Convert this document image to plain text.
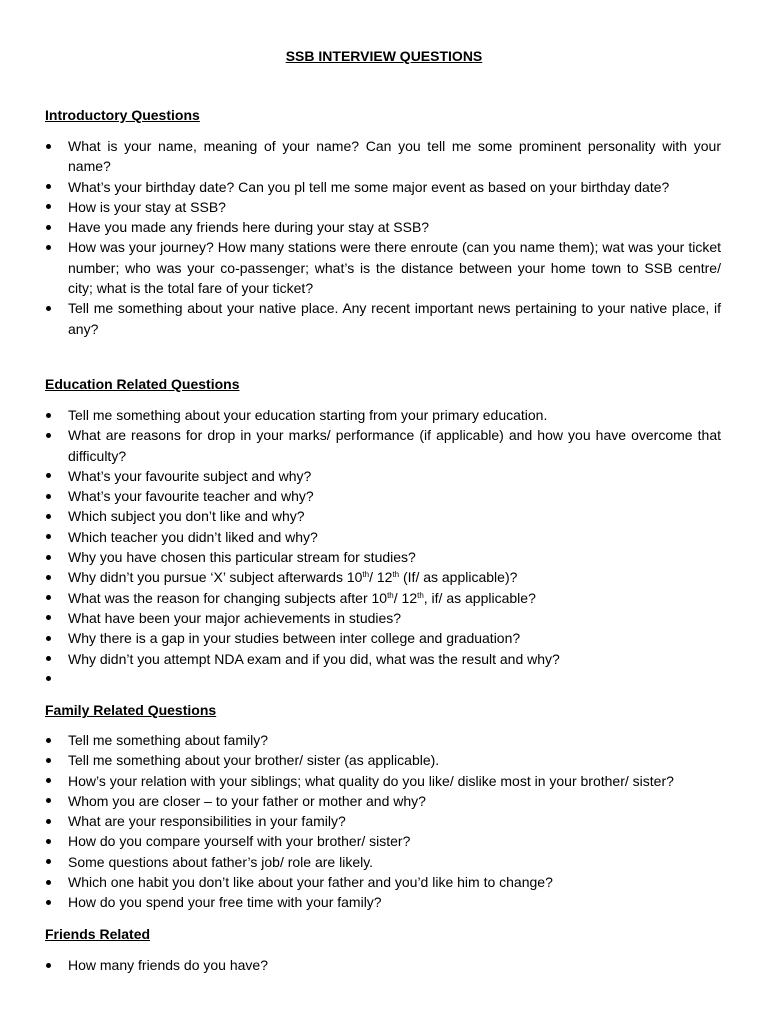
SSB INTERVIEW QUESTIONS
Introductory Questions
What is your name, meaning of your name? Can you tell me some prominent personality with your name?
What’s your birthday date? Can you pl tell me some major event as based on your birthday date?
How is your stay at SSB?
Have you made any friends here during your stay at SSB?
How was your journey? How many stations were there enroute (can you name them); wat was your ticket number; who was your co-passenger; what’s is the distance between your home town to SSB centre/ city; what is the total fare of your ticket?
Tell me something about your native place. Any recent important news pertaining to your native place, if any?
Education Related Questions
Tell me something about your education starting from your primary education.
What are reasons for drop in your marks/ performance (if applicable) and how you have overcome that difficulty?
What’s your favourite subject and why?
What’s your favourite teacher and why?
Which subject you don’t like and why?
Which teacher you didn’t liked and why?
Why you have chosen this particular stream for studies?
Why didn’t you pursue ‘X’ subject afterwards 10th/ 12th (If/ as applicable)?
What was the reason for changing subjects after 10th/ 12th, if/ as applicable?
What have been your major achievements in studies?
Why there is a gap in your studies between inter college and graduation?
Why didn’t you attempt NDA exam and if you did, what was the result and why?

Family Related Questions
Tell me something about family?
Tell me something about your brother/ sister (as applicable).
How’s your relation with your siblings; what quality do you like/ dislike most in your brother/ sister?
Whom you are closer – to your father or mother and why?
What are your responsibilities in your family?
How do you compare yourself with your brother/ sister?
Some questions about father’s job/ role are likely.
Which one habit you don’t like about your father and you’d like him to change?
How do you spend your free time with your family?
Friends Related
How many friends do you have?
